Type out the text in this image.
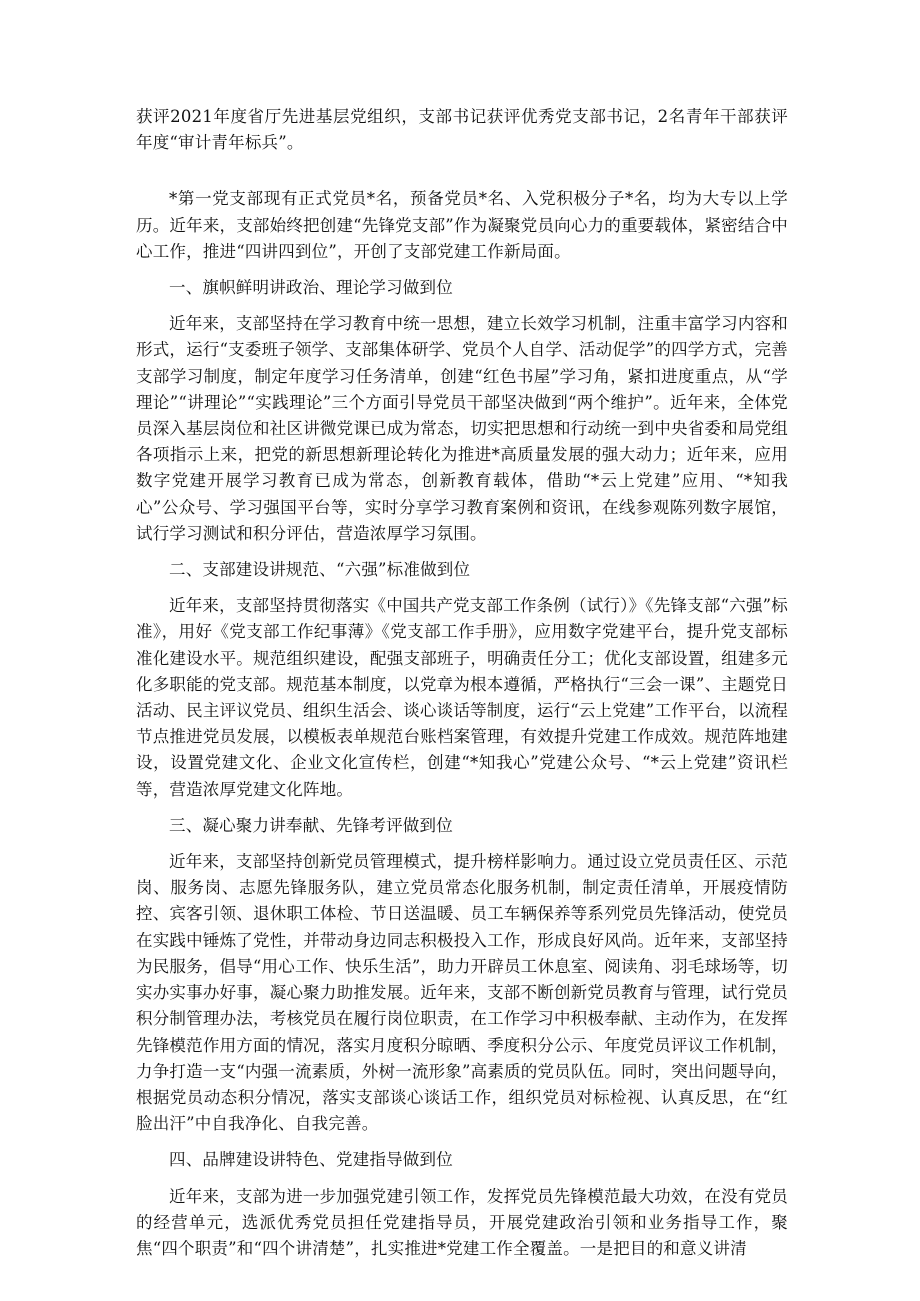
获评2021年度省厅先进基层党组织，支部书记获评优秀党支部书记，2名青年干部获评年度“审计青年标兵”。

*第一党支部现有正式党员*名，预备党员*名、入党积极分子*名，均为大专以上学历。近年来，支部始终把创建“先锋党支部”作为凝聚党员向心力的重要载体，紧密结合中心工作，推进“四讲四到位”，开创了支部党建工作新局面。

一、旗帜鲜明讲政治、理论学习做到位

近年来，支部坚持在学习教育中统一思想，建立长效学习机制，注重丰富学习内容和形式，运行“支委班子领学、支部集体研学、党员个人自学、活动促学”的四学方式，完善支部学习制度，制定年度学习任务清单，创建“红色书屋”学习角，紧扣进度重点，从“学理论”“讲理论”“实践理论”三个方面引导党员干部坚决做到“两个维护”。近年来，全体党员深入基层岗位和社区讲微党课已成为常态，切实把思想和行动统一到中央省委和局党组各项指示上来，把党的新思想新理论转化为推进*高质量发展的强大动力；近年来，应用数字党建开展学习教育已成为常态，创新教育载体，借助“*云上党建”应用、“*知我心”公众号、学习强国平台等，实时分享学习教育案例和资讯，在线参观陈列数字展馆，试行学习测试和积分评估，营造浓厚学习氛围。

二、支部建设讲规范、“六强”标准做到位

近年来，支部坚持贯彻落实《中国共产党支部工作条例（试行）》《先锋支部“六强”标准》，用好《党支部工作纪事薄》《党支部工作手册》，应用数字党建平台，提升党支部标准化建设水平。规范组织建设，配强支部班子，明确责任分工；优化支部设置，组建多元化多职能的党支部。规范基本制度，以党章为根本遵循，严格执行“三会一课”、主题党日活动、民主评议党员、组织生活会、谈心谈话等制度，运行“云上党建”工作平台，以流程节点推进党员发展，以模板表单规范台账档案管理，有效提升党建工作成效。规范阵地建设，设置党建文化、企业文化宣传栏，创建“*知我心”党建公众号、“*云上党建”资讯栏等，营造浓厚党建文化阵地。

三、凝心聚力讲奉献、先锋考评做到位

近年来，支部坚持创新党员管理模式，提升榜样影响力。通过设立党员责任区、示范岗、服务岗、志愿先锋服务队，建立党员常态化服务机制，制定责任清单，开展疫情防控、宾客引领、退休职工体检、节日送温暖、员工车辆保养等系列党员先锋活动，使党员在实践中锤炼了党性，并带动身边同志积极投入工作，形成良好风尚。近年来，支部坚持为民服务，倡导“用心工作、快乐生活”，助力开辟员工休息室、阅读角、羽毛球场等，切实办实事办好事，凝心聚力助推发展。近年来，支部不断创新党员教育与管理，试行党员积分制管理办法，考核党员在履行岗位职责，在工作学习中积极奉献、主动作为，在发挥先锋模范作用方面的情况，落实月度积分晾晒、季度积分公示、年度党员评议工作机制，力争打造一支“内强一流素质，外树一流形象”高素质的党员队伍。同时，突出问题导向，根据党员动态积分情况，落实支部谈心谈话工作，组织党员对标检视、认真反思，在“红脸出汗”中自我净化、自我完善。

四、品牌建设讲特色、党建指导做到位

近年来，支部为进一步加强党建引领工作，发挥党员先锋模范最大功效，在没有党员的经营单元，选派优秀党员担任党建指导员，开展党建政治引领和业务指导工作，聚焦“四个职责”和“四个讲清楚”，扎实推进*党建工作全覆盖。一是把目的和意义讲清
